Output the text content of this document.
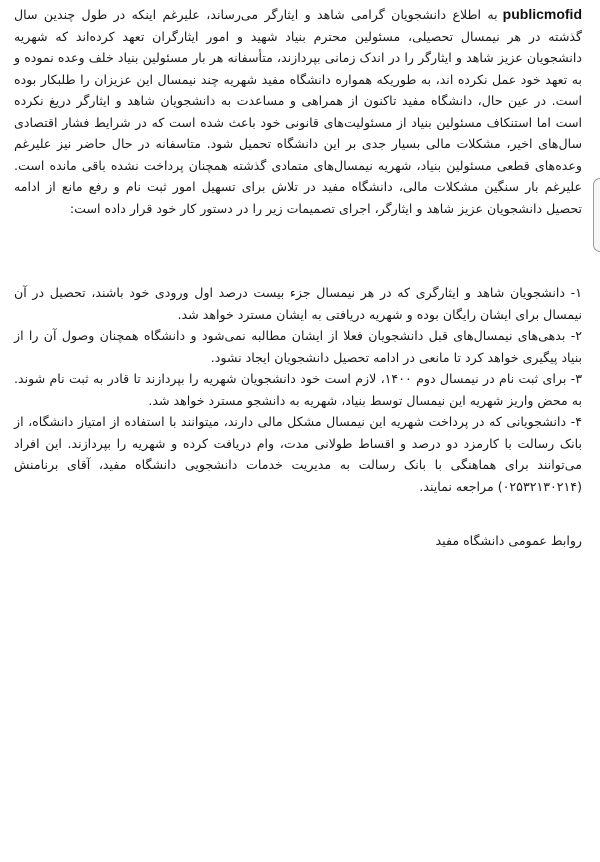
publicmofidبه اطلاع دانشجویان گرامی شاهد و ایثارگر می‌رساند، علیرغم اینکه در طول چندین سال گذشته در هر نیمسال تحصیلی، مسئولین محترم بنیاد شهید و امور ایثارگران تعهد کرده‌اند که شهریه دانشجویان عزیز شاهد و ایثارگر را در اندک زمانی بپردازند، متأسفانه هر بار مسئولین بنیاد خلف وعده نموده و به تعهد خود عمل نکرده اند، به طوریکه همواره دانشگاه مفید شهریه چند نیمسال این عزیزان را طلبکار بوده است. در عین حال، دانشگاه مفید تاکنون از همراهی و مساعدت به دانشجویان شاهد و ایثارگر دریغ نکرده است اما استنکاف مسئولین بنیاد از مسئولیت‌های قانونی خود باعث شده است که در شرایط فشار اقتصادی سال‌های اخیر، مشکلات مالی بسیار جدی بر این دانشگاه تحمیل شود. متاسفانه در حال حاضر نیز علیرغم وعده‌های قطعی مسئولین بنیاد، شهریه نیمسال‌های متمادی گذشته همچنان پرداخت نشده باقی مانده است. علیرغم بار سنگین مشکلات مالی، دانشگاه مفید در تلاش برای تسهیل امور ثبت نام و رفع مانع از ادامه تحصیل دانشجویان عزیز شاهد و ایثارگر، اجرای تصمیمات زیر را در دستور کار خود قرار داده است:

۱- دانشجویان شاهد و ایثارگری که در هر نیمسال جزء بیست درصد اول ورودی خود باشند، تحصیل در آن نیمسال برای ایشان رایگان بوده و شهریه دریافتی به ایشان مسترد خواهد شد.

۲- بدهی‌های نیمسال‌های قبل دانشجویان فعلا از ایشان مطالبه نمی‌شود و دانشگاه همچنان وصول آن را از بنیاد پیگیری خواهد کرد تا مانعی در ادامه تحصیل دانشجویان ایجاد نشود.

۳- برای ثبت نام در نیمسال دوم ۱۴۰۰، لازم است خود دانشجویان شهریه را بپردازند تا قادر به ثبت نام شوند. به محض واریز شهریه این نیمسال توسط بنیاد، شهریه به دانشجو مسترد خواهد شد.

۴- دانشجویانی که در پرداخت شهریه این نیمسال مشکل مالی دارند، میتوانند با استفاده از امتیاز دانشگاه، از بانک رسالت با کارمزد دو درصد و اقساط طولانی مدت، وام دریافت کرده و شهریه را بپردازند. این افراد می‌توانند برای هماهنگی با بانک رسالت به مدیریت خدمات دانشجویی دانشگاه مفید، آقای برنامنش (۰۲۵۳۲۱۳۰۲۱۴) مراجعه نمایند.

روابط عمومی دانشگاه مفید
